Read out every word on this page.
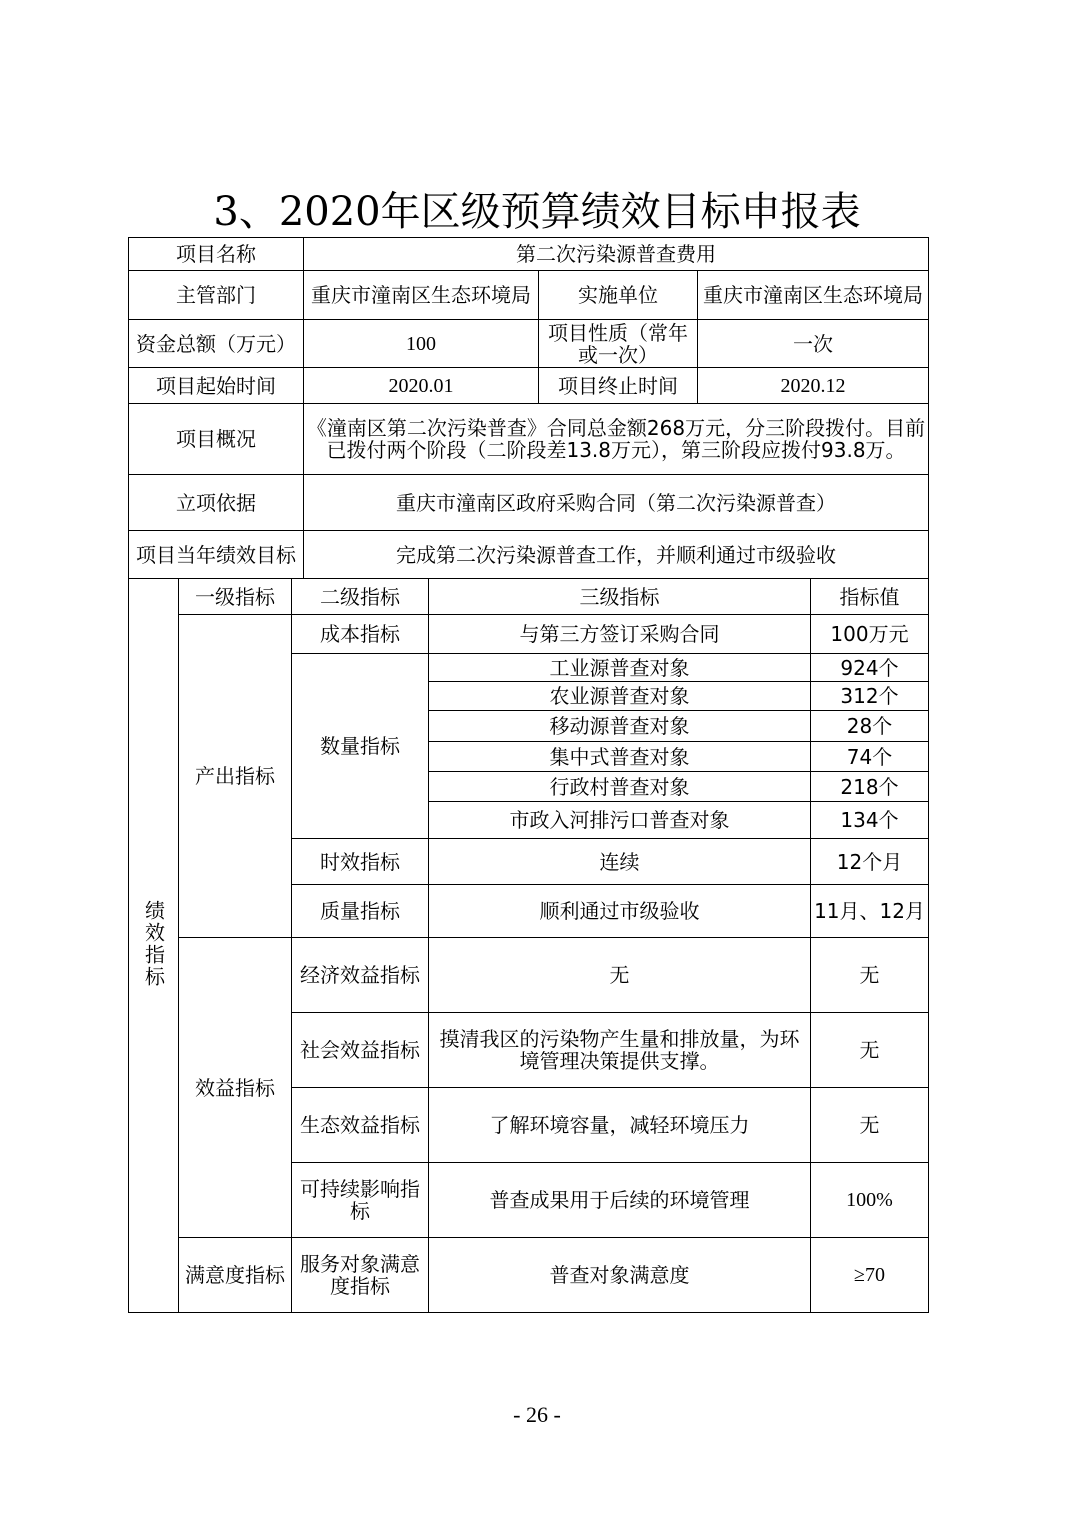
3、2020年区级预算绩效目标申报表
项目名称			第二次污染源普查费用				
主管部门			重庆市潼南区生态环境局		实施单位	重庆市潼南区生态环境局	
资金总额（万元）			100		项目性质（常年或一次）	一次	
项目起始时间			2020.01		项目终止时间	2020.12	
项目概况			《潼南区第二次污染普查》合同总金额268万元，分三阶段拨付。目前已拨付两个阶段（二阶段差13.8万元），第三阶段应拨付93.8万。				
立项依据			重庆市潼南区政府采购合同（第二次污染源普查）				
项目当年绩效目标			完成第二次污染源普查工作，并顺利通过市级验收				
绩效指标	一级指标	二级指标		三级指标			指标值
	产出指标	成本指标		与第三方签订采购合同			100万元
		数量指标		工业源普查对象			924个
				农业源普查对象			312个
				移动源普查对象			28个
				集中式普查对象			74个
				行政村普查对象			218个
				市政入河排污口普查对象			134个
		时效指标		连续			12个月
		质量指标		顺利通过市级验收			11月、12月
	效益指标	经济效益指标		无			无
		社会效益指标		摸清我区的污染物产生量和排放量，为环境管理决策提供支撑。			无
		生态效益指标		了解环境容量，减轻环境压力			无
		可持续影响指标		普查成果用于后续的环境管理			100%
	满意度指标	服务对象满意度指标		普查对象满意度			≥70
- 26 -
